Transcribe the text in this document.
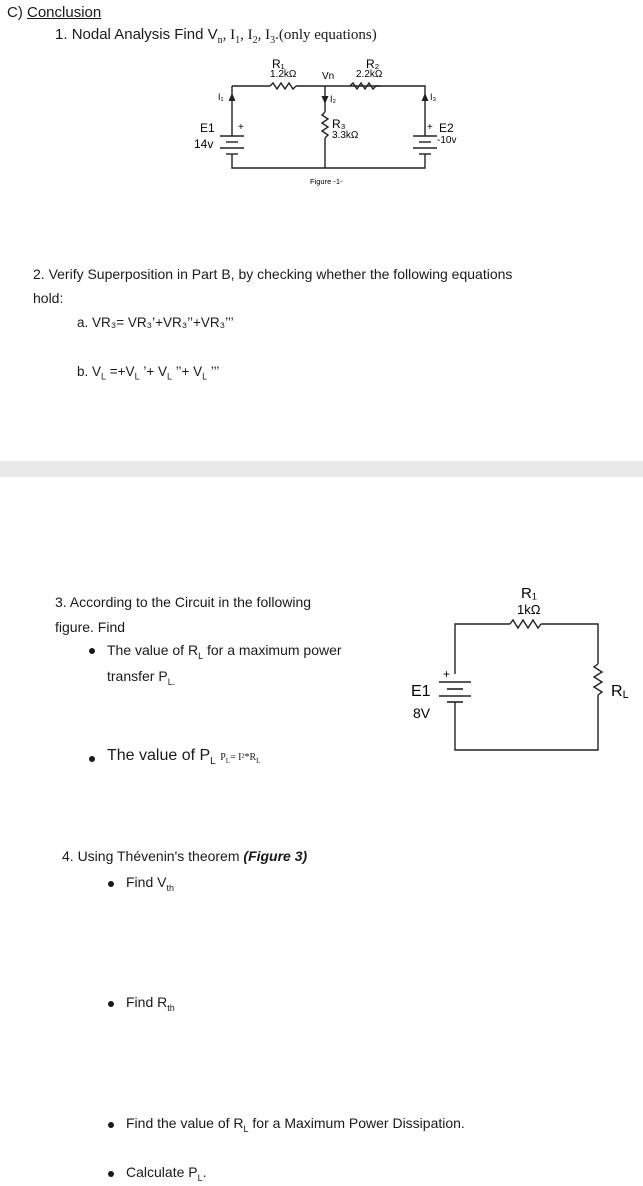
C) Conclusion
1. Nodal Analysis Find $V_n$, $I_1$, $I_2$, $I_3.(only$ equations)
+	+
R₁
1.2kΩ
R₂
2.2kΩ
Vn
R₃
3.3kΩ
I₁	I₂	I₃
E1
14v
E2
-10v
Figure -1-
2. Verify Superposition in Part B, by checking whether the following equations
hold:
a. VR₃= VR₃’+VR₃’’+VR₃’’’
b. $V_L =+V_L$ ’+ $V_L$ ’’+ $V_L$ ’’’
3. According to the Circuit in the following
figure. Find
The value of $R_L$ for a maximum power
transfer $P_{L.}$
The value of $P_L$ $P_L= I^2*R_L$
+
R₁
1kΩ
E1
8V
RL
4. Using Thévenin's theorem (Figure 3)
Find $V_{th}$
Find $R_{th}$
Find the value of $R_L$ for a Maximum Power Dissipation.
Calculate $P_L$.
